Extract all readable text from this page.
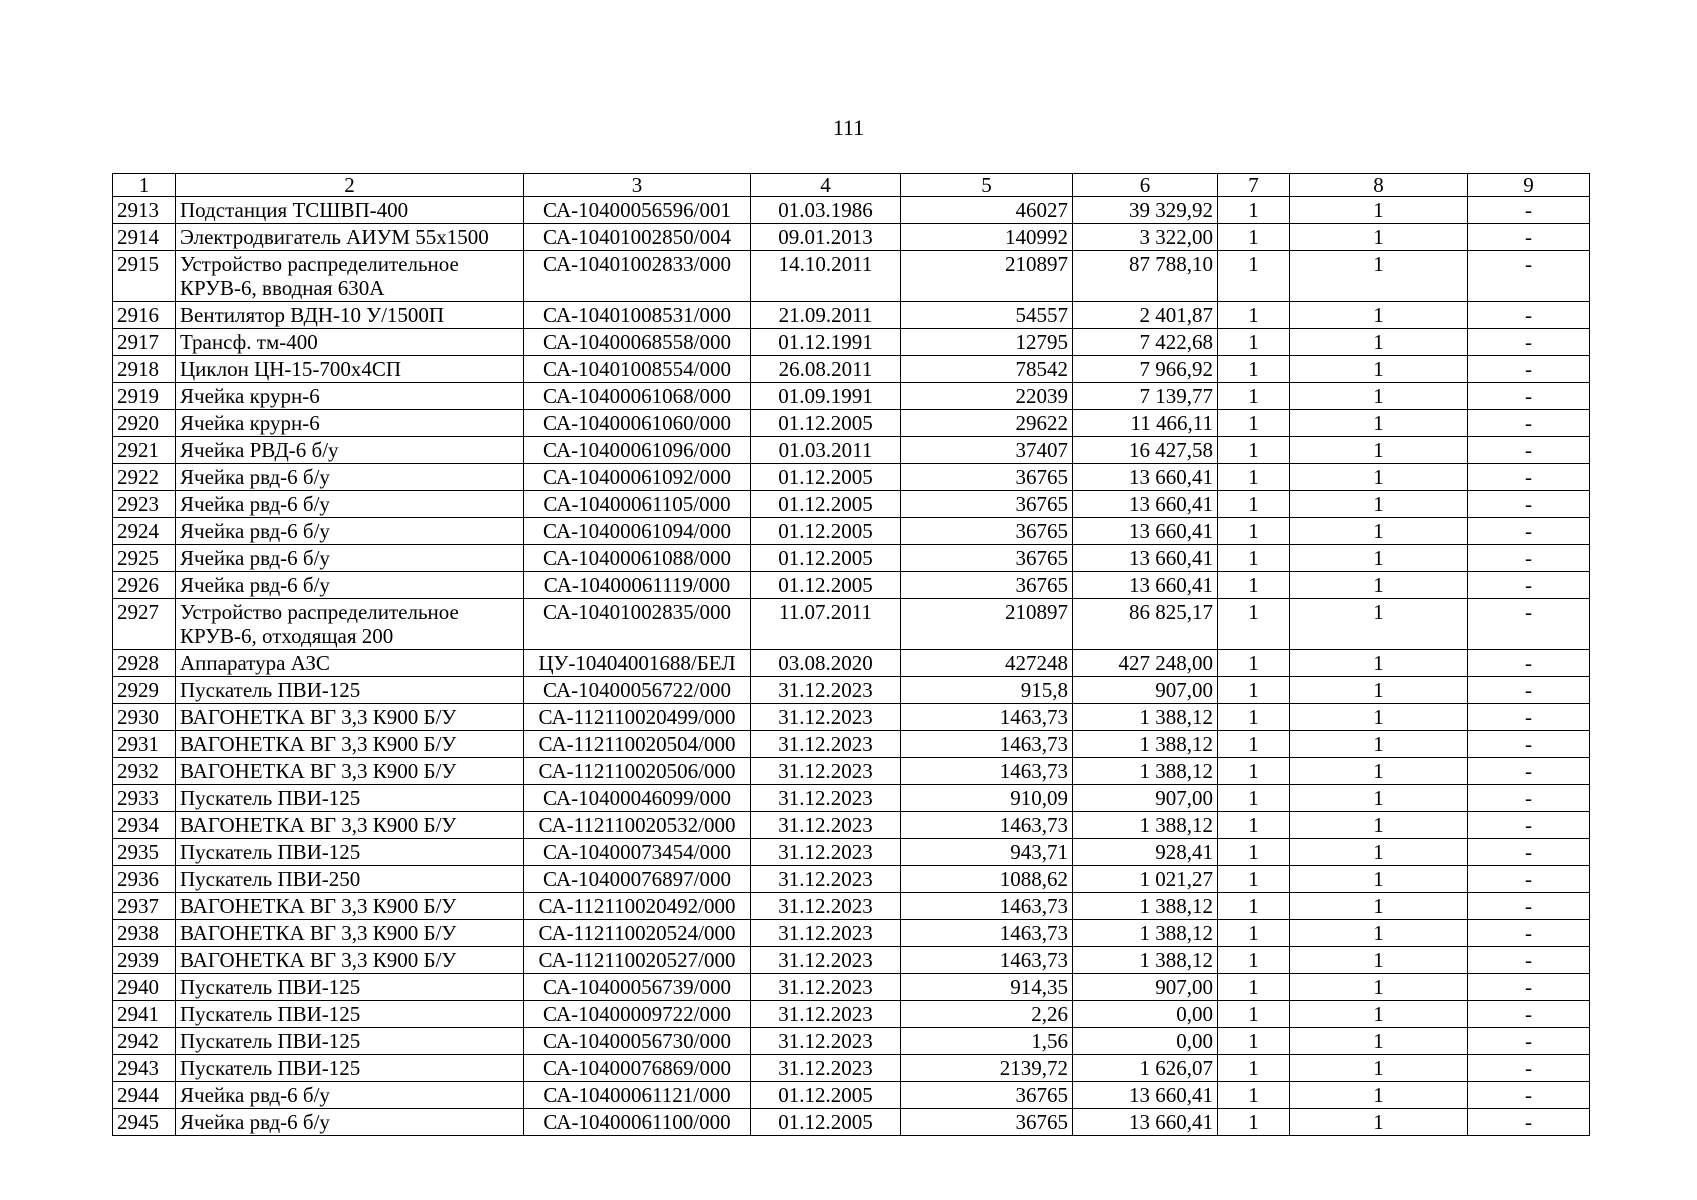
111
1	2	3	4	5	6	7	8	9
2913	Подстанция ТСШВП-400	СА-10400056596/001	01.03.1986	46027	39 329,92	1	1	-
2914	Электродвигатель АИУМ 55х1500	СА-10401002850/004	09.01.2013	140992	3 322,00	1	1	-
2915	Устройство распределительное КРУВ-6, вводная 630А	СА-10401002833/000	14.10.2011	210897	87 788,10	1	1	-
2916	Вентилятор ВДН-10 У/1500П	СА-10401008531/000	21.09.2011	54557	2 401,87	1	1	-
2917	Трансф. тм-400	СА-10400068558/000	01.12.1991	12795	7 422,68	1	1	-
2918	Циклон ЦН-15-700х4СП	СА-10401008554/000	26.08.2011	78542	7 966,92	1	1	-
2919	Ячейка крурн-6	СА-10400061068/000	01.09.1991	22039	7 139,77	1	1	-
2920	Ячейка крурн-6	СА-10400061060/000	01.12.2005	29622	11 466,11	1	1	-
2921	Ячейка РВД-6 б/у	СА-10400061096/000	01.03.2011	37407	16 427,58	1	1	-
2922	Ячейка рвд-6 б/у	СА-10400061092/000	01.12.2005	36765	13 660,41	1	1	-
2923	Ячейка рвд-6 б/у	СА-10400061105/000	01.12.2005	36765	13 660,41	1	1	-
2924	Ячейка рвд-6 б/у	СА-10400061094/000	01.12.2005	36765	13 660,41	1	1	-
2925	Ячейка рвд-6 б/у	СА-10400061088/000	01.12.2005	36765	13 660,41	1	1	-
2926	Ячейка рвд-6 б/у	СА-10400061119/000	01.12.2005	36765	13 660,41	1	1	-
2927	Устройство распределительное КРУВ-6, отходящая 200	СА-10401002835/000	11.07.2011	210897	86 825,17	1	1	-
2928	Аппаратура АЗС	ЦУ-10404001688/БЕЛ	03.08.2020	427248	427 248,00	1	1	-
2929	Пускатель ПВИ-125	СА-10400056722/000	31.12.2023	915,8	907,00	1	1	-
2930	ВАГОНЕТКА ВГ 3,3 К900 Б/У	СА-112110020499/000	31.12.2023	1463,73	1 388,12	1	1	-
2931	ВАГОНЕТКА ВГ 3,3 К900 Б/У	СА-112110020504/000	31.12.2023	1463,73	1 388,12	1	1	-
2932	ВАГОНЕТКА ВГ 3,3 К900 Б/У	СА-112110020506/000	31.12.2023	1463,73	1 388,12	1	1	-
2933	Пускатель ПВИ-125	СА-10400046099/000	31.12.2023	910,09	907,00	1	1	-
2934	ВАГОНЕТКА ВГ 3,3 К900 Б/У	СА-112110020532/000	31.12.2023	1463,73	1 388,12	1	1	-
2935	Пускатель ПВИ-125	СА-10400073454/000	31.12.2023	943,71	928,41	1	1	-
2936	Пускатель ПВИ-250	СА-10400076897/000	31.12.2023	1088,62	1 021,27	1	1	-
2937	ВАГОНЕТКА ВГ 3,3 К900 Б/У	СА-112110020492/000	31.12.2023	1463,73	1 388,12	1	1	-
2938	ВАГОНЕТКА ВГ 3,3 К900 Б/У	СА-112110020524/000	31.12.2023	1463,73	1 388,12	1	1	-
2939	ВАГОНЕТКА ВГ 3,3 К900 Б/У	СА-112110020527/000	31.12.2023	1463,73	1 388,12	1	1	-
2940	Пускатель ПВИ-125	СА-10400056739/000	31.12.2023	914,35	907,00	1	1	-
2941	Пускатель ПВИ-125	СА-10400009722/000	31.12.2023	2,26	0,00	1	1	-
2942	Пускатель ПВИ-125	СА-10400056730/000	31.12.2023	1,56	0,00	1	1	-
2943	Пускатель ПВИ-125	СА-10400076869/000	31.12.2023	2139,72	1 626,07	1	1	-
2944	Ячейка рвд-6 б/у	СА-10400061121/000	01.12.2005	36765	13 660,41	1	1	-
2945	Ячейка рвд-6 б/у	СА-10400061100/000	01.12.2005	36765	13 660,41	1	1	-
